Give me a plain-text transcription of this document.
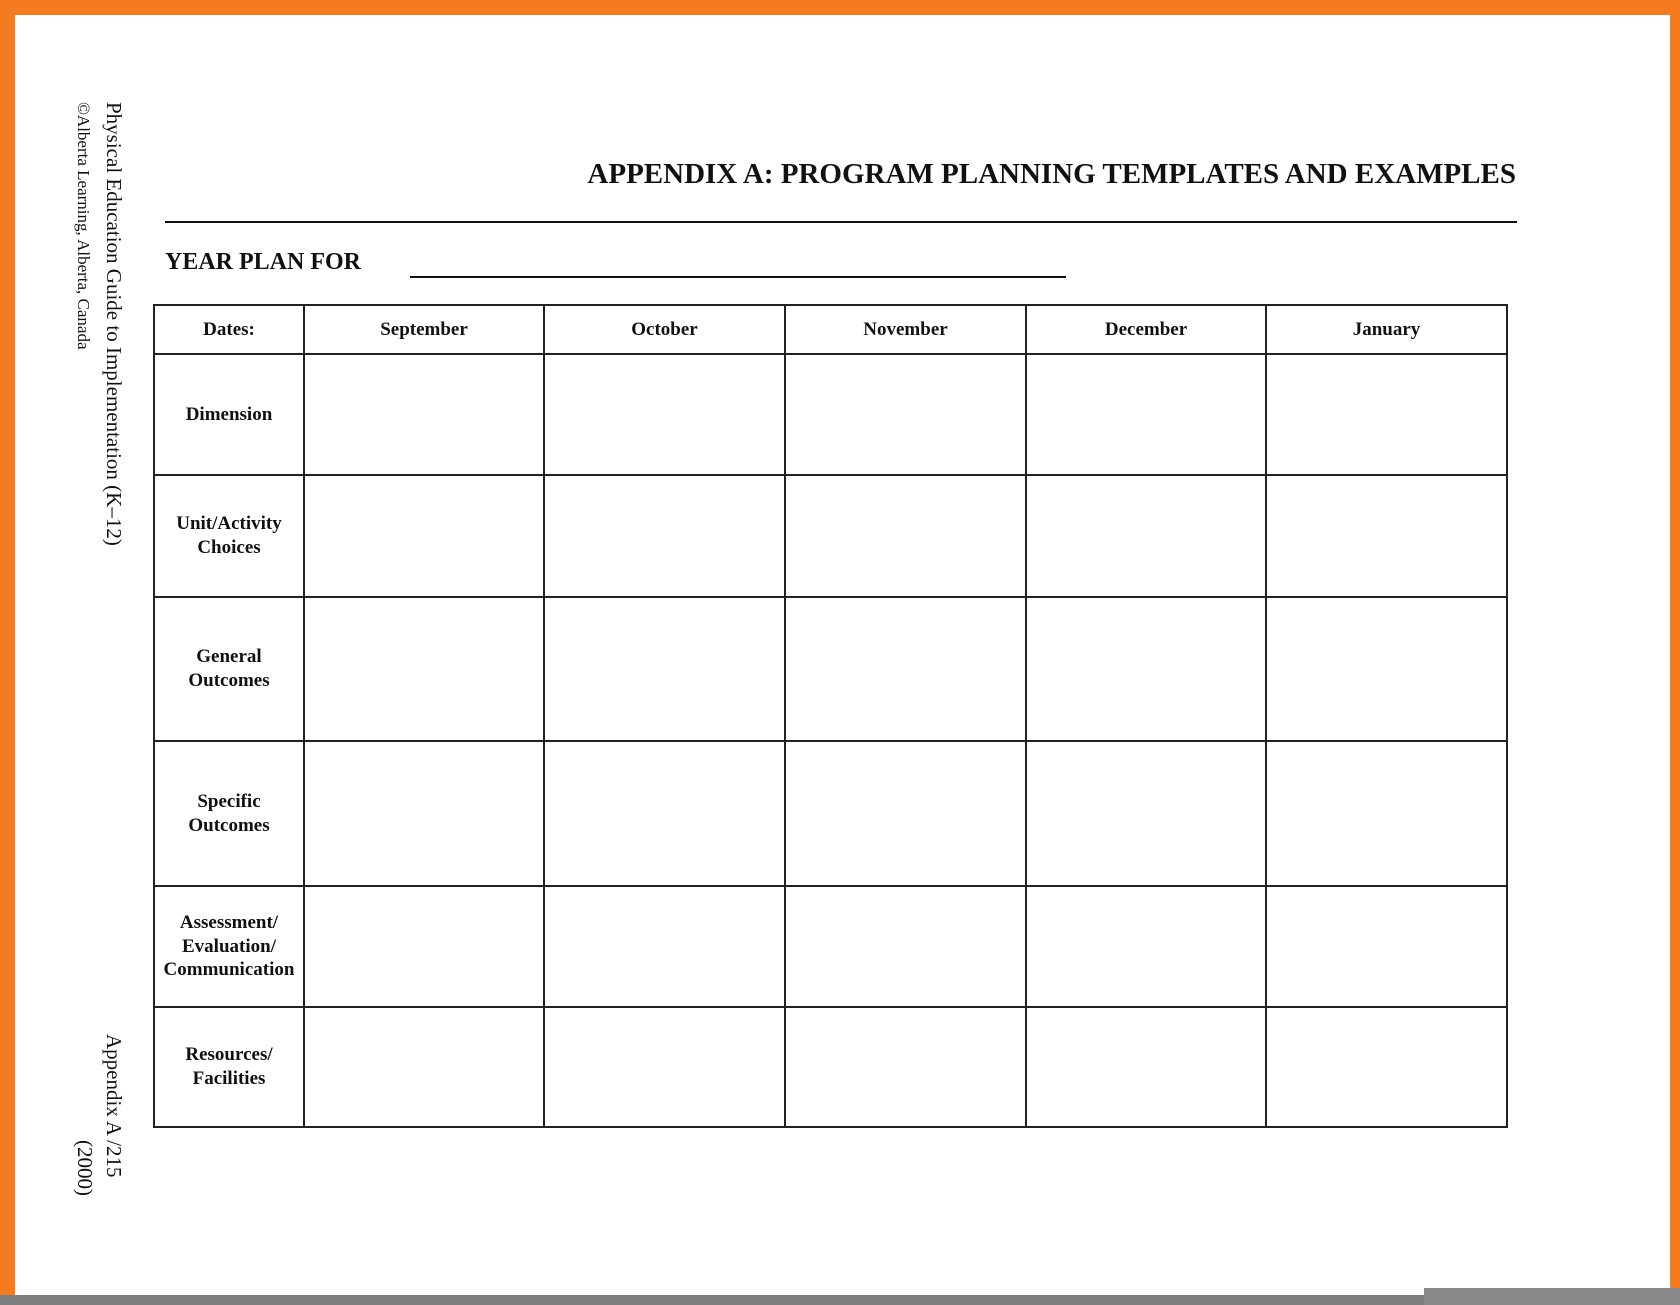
Physical Education Guide to Implementation (K–12)
©Alberta Learning, Alberta, Canada
Appendix A /215
(2000)
APPENDIX A: PROGRAM PLANNING TEMPLATES AND EXAMPLES
YEAR PLAN FOR
Dates:	September	October	November	December	January

Dimension					

Unit/Activity
Choices					

General
Outcomes					

Specific
Outcomes					

Assessment/
Evaluation/
Communication					

Resources/
Facilities					
